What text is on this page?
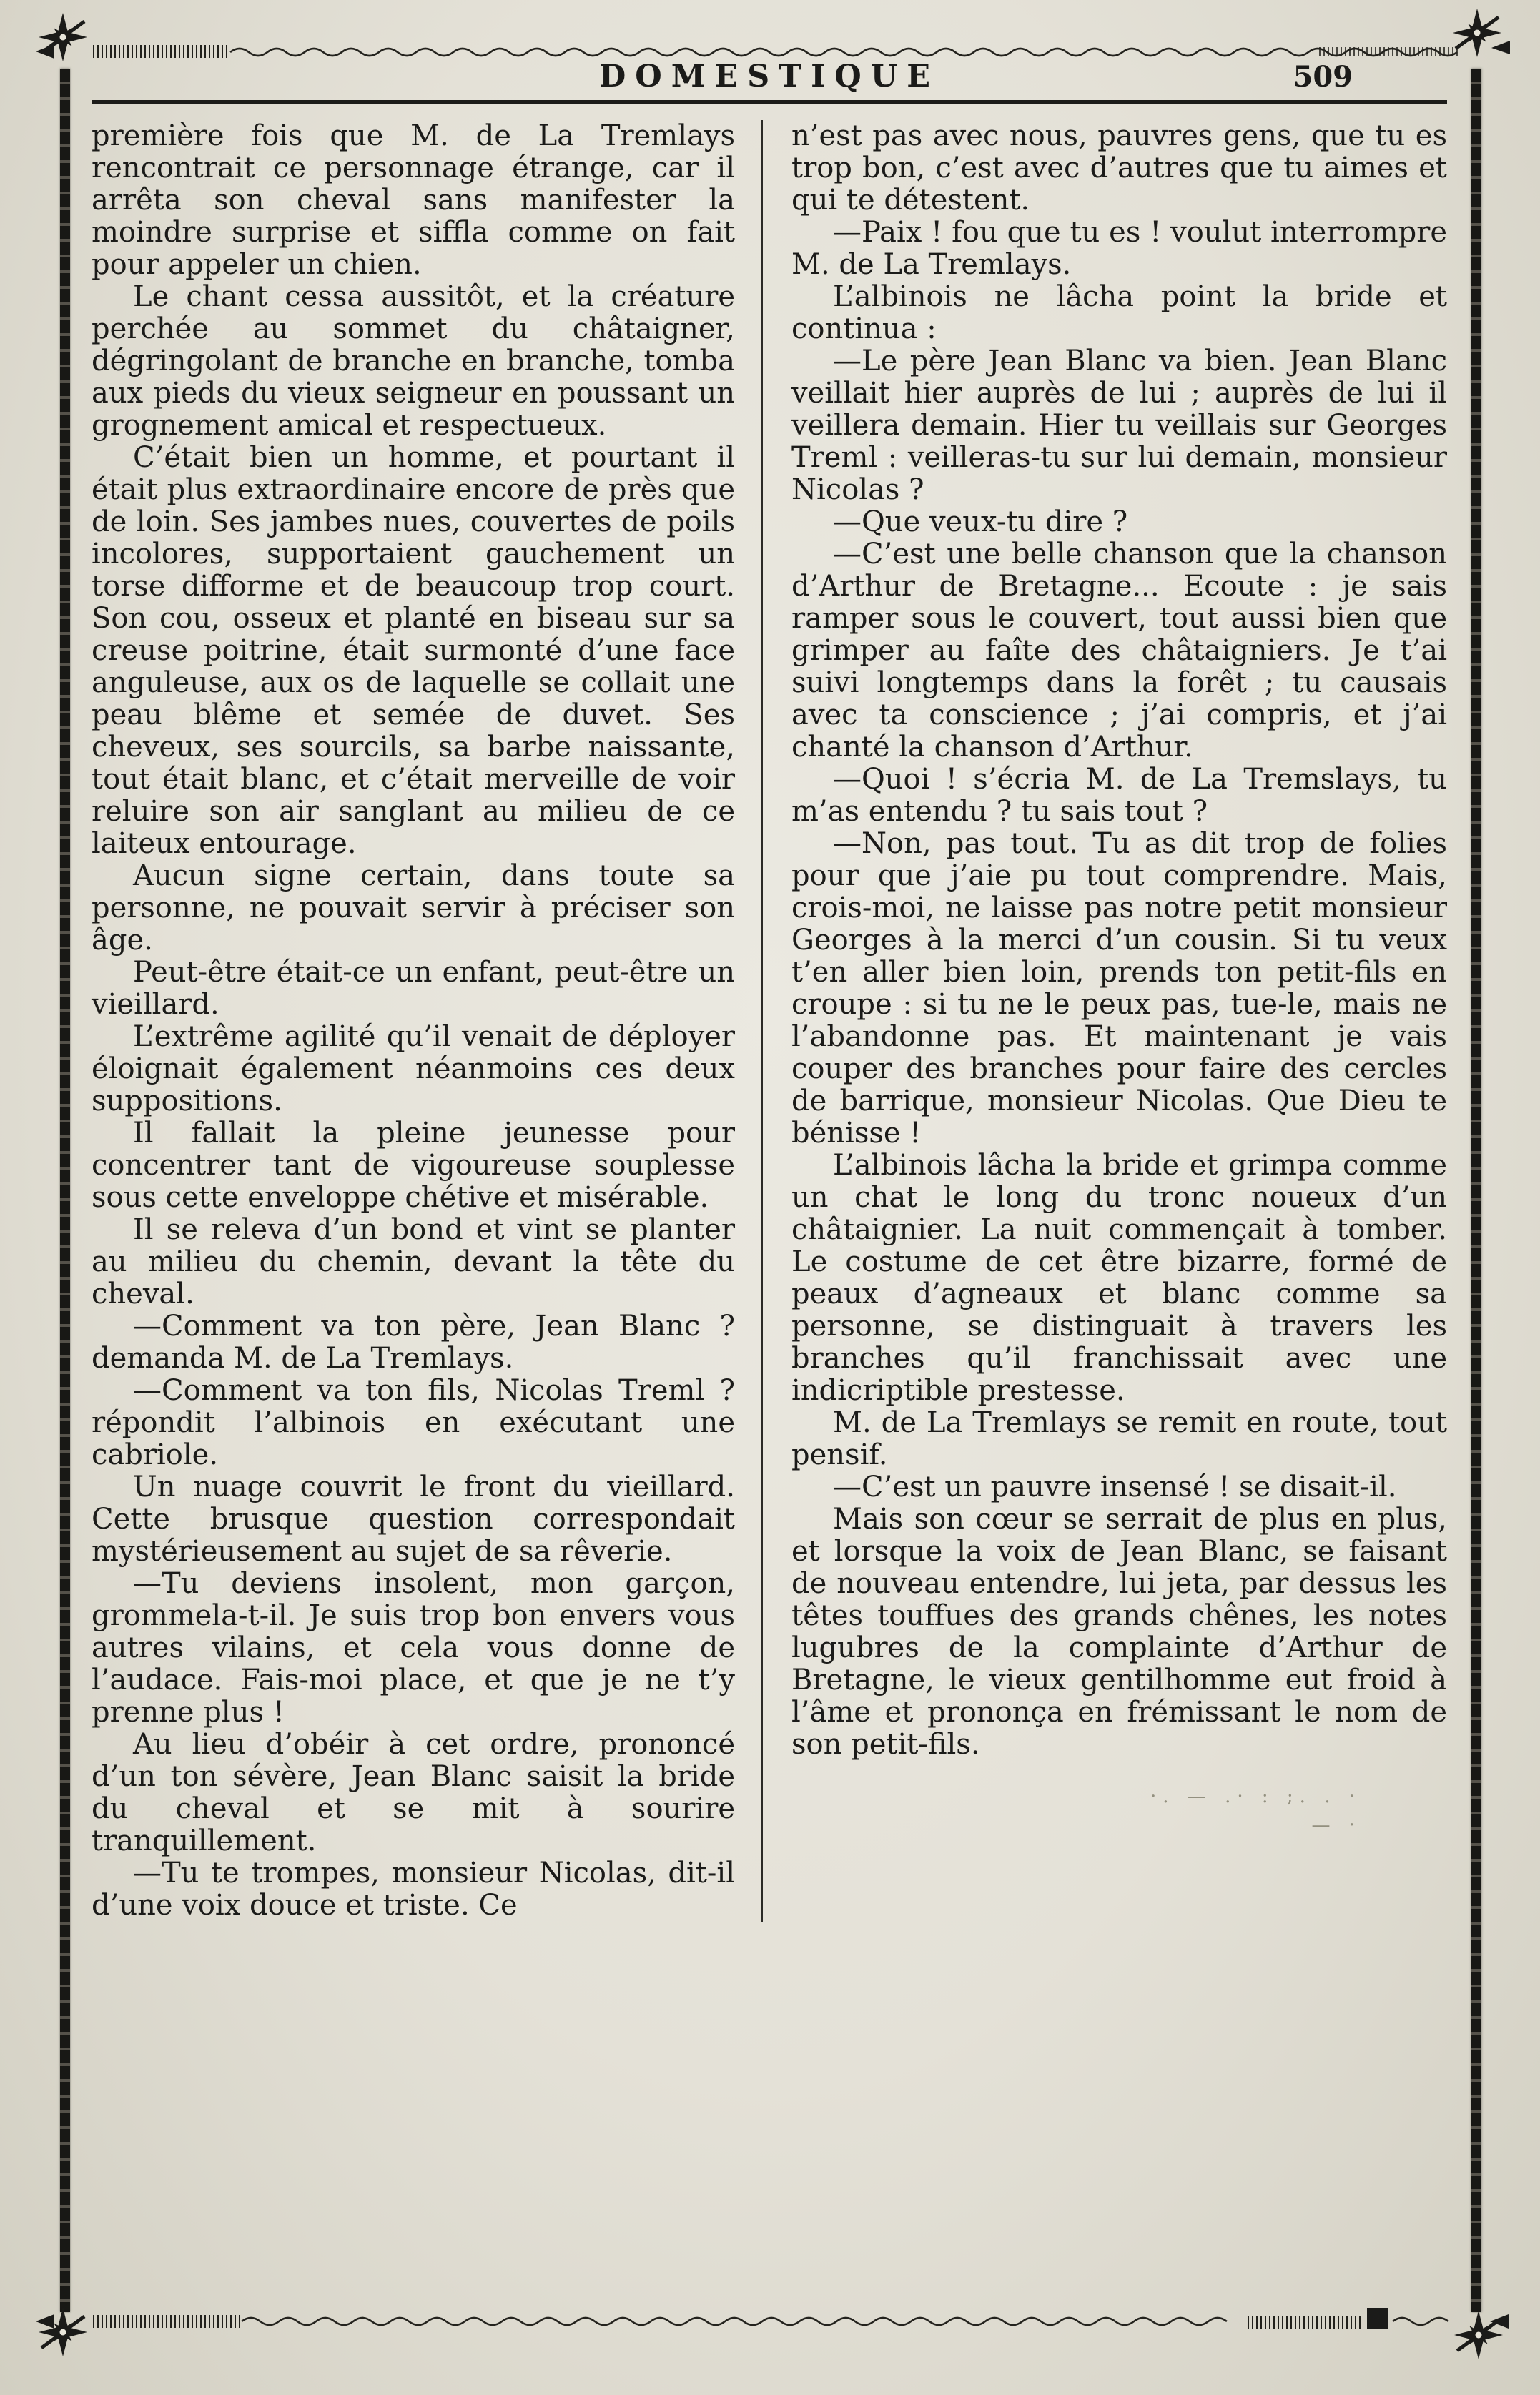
DOMESTIQUE	509

première fois que M. de La Tremlays rencontrait ce personnage étrange, car il arrêta son cheval sans manifester la moindre surprise et siffla comme on fait pour appeler un chien.

Le chant cessa aussitôt, et la créature perchée au sommet du châtaigner, dégringolant de branche en branche, tomba aux pieds du vieux seigneur en poussant un grognement amical et respectueux.

C’était bien un homme, et pourtant il était plus extraordinaire encore de près que de loin. Ses jambes nues, couvertes de poils incolores, supportaient gauchement un torse difforme et de beaucoup trop court. Son cou, osseux et planté en biseau sur sa creuse poitrine, était surmonté d’une face anguleuse, aux os de laquelle se collait une peau blême et semée de duvet. Ses cheveux, ses sourcils, sa barbe naissante, tout était blanc, et c’était merveille de voir reluire son air sanglant au milieu de ce laiteux entourage.

Aucun signe certain, dans toute sa personne, ne pouvait servir à préciser son âge.

Peut-être était-ce un enfant, peut-être un vieillard.

L’extrême agilité qu’il venait de déployer éloignait également néanmoins ces deux suppositions.

Il fallait la pleine jeunesse pour concentrer tant de vigoureuse souplesse sous cette enveloppe chétive et misérable.

Il se releva d’un bond et vint se planter au milieu du chemin, devant la tête du cheval.

—Comment va ton père, Jean Blanc ? demanda M. de La Tremlays.

—Comment va ton fils, Nicolas Treml ? répondit l’albinois en exécutant une cabriole.

Un nuage couvrit le front du vieillard. Cette brusque question correspondait mystérieusement au sujet de sa rêverie.

—Tu deviens insolent, mon garçon, grommela-t-il. Je suis trop bon envers vous autres vilains, et cela vous donne de l’audace. Fais-moi place, et que je ne t’y prenne plus !

Au lieu d’obéir à cet ordre, prononcé d’un ton sévère, Jean Blanc saisit la bride du cheval et se mit à sourire tranquillement.

—Tu te trompes, monsieur Nicolas, dit-il d’une voix douce et triste. Ce

n’est pas avec nous, pauvres gens, que tu es trop bon, c’est avec d’autres que tu aimes et qui te détestent.

—Paix ! fou que tu es ! voulut interrompre M. de La Tremlays.

L’albinois ne lâcha point la bride et continua :

—Le père Jean Blanc va bien. Jean Blanc veillait hier auprès de lui ; auprès de lui il veillera demain. Hier tu veillais sur Georges Treml : veilleras-tu sur lui demain, monsieur Nicolas ?

—Que veux-tu dire ?

—C’est une belle chanson que la chanson d’Arthur de Bretagne... Ecoute : je sais ramper sous le couvert, tout aussi bien que grimper au faîte des châtaigniers. Je t’ai suivi longtemps dans la forêt ; tu causais avec ta conscience ; j’ai compris, et j’ai chanté la chanson d’Arthur.

—Quoi ! s’écria M. de La Tremslays, tu m’as entendu ? tu sais tout ?

—Non, pas tout. Tu as dit trop de folies pour que j’aie pu tout comprendre. Mais, crois-moi, ne laisse pas notre petit monsieur Georges à la merci d’un cousin. Si tu veux t’en aller bien loin, prends ton petit-fils en croupe : si tu ne le peux pas, tue-le, mais ne l’abandonne pas. Et maintenant je vais couper des branches pour faire des cercles de barrique, monsieur Nicolas. Que Dieu te bénisse !

L’albinois lâcha la bride et grimpa comme un chat le long du tronc noueux d’un châtaignier. La nuit commençait à tomber. Le costume de cet être bizarre, formé de peaux d’agneaux et blanc comme sa personne, se distinguait à travers les branches qu’il franchissait avec une indicriptible prestesse.

M. de La Tremlays se remit en route, tout pensif.

—C’est un pauvre insensé ! se disait-il.

Mais son cœur se serrait de plus en plus, et lorsque la voix de Jean Blanc, se faisant de nouveau entendre, lui jeta, par dessus les têtes touffues des grands chênes, les notes lugubres de la complainte d’Arthur de Bretagne, le vieux gentilhomme eut froid à l’âme et prononça en frémissant le nom de son petit-fils.

·. — .· : ;. . ·
— ·
